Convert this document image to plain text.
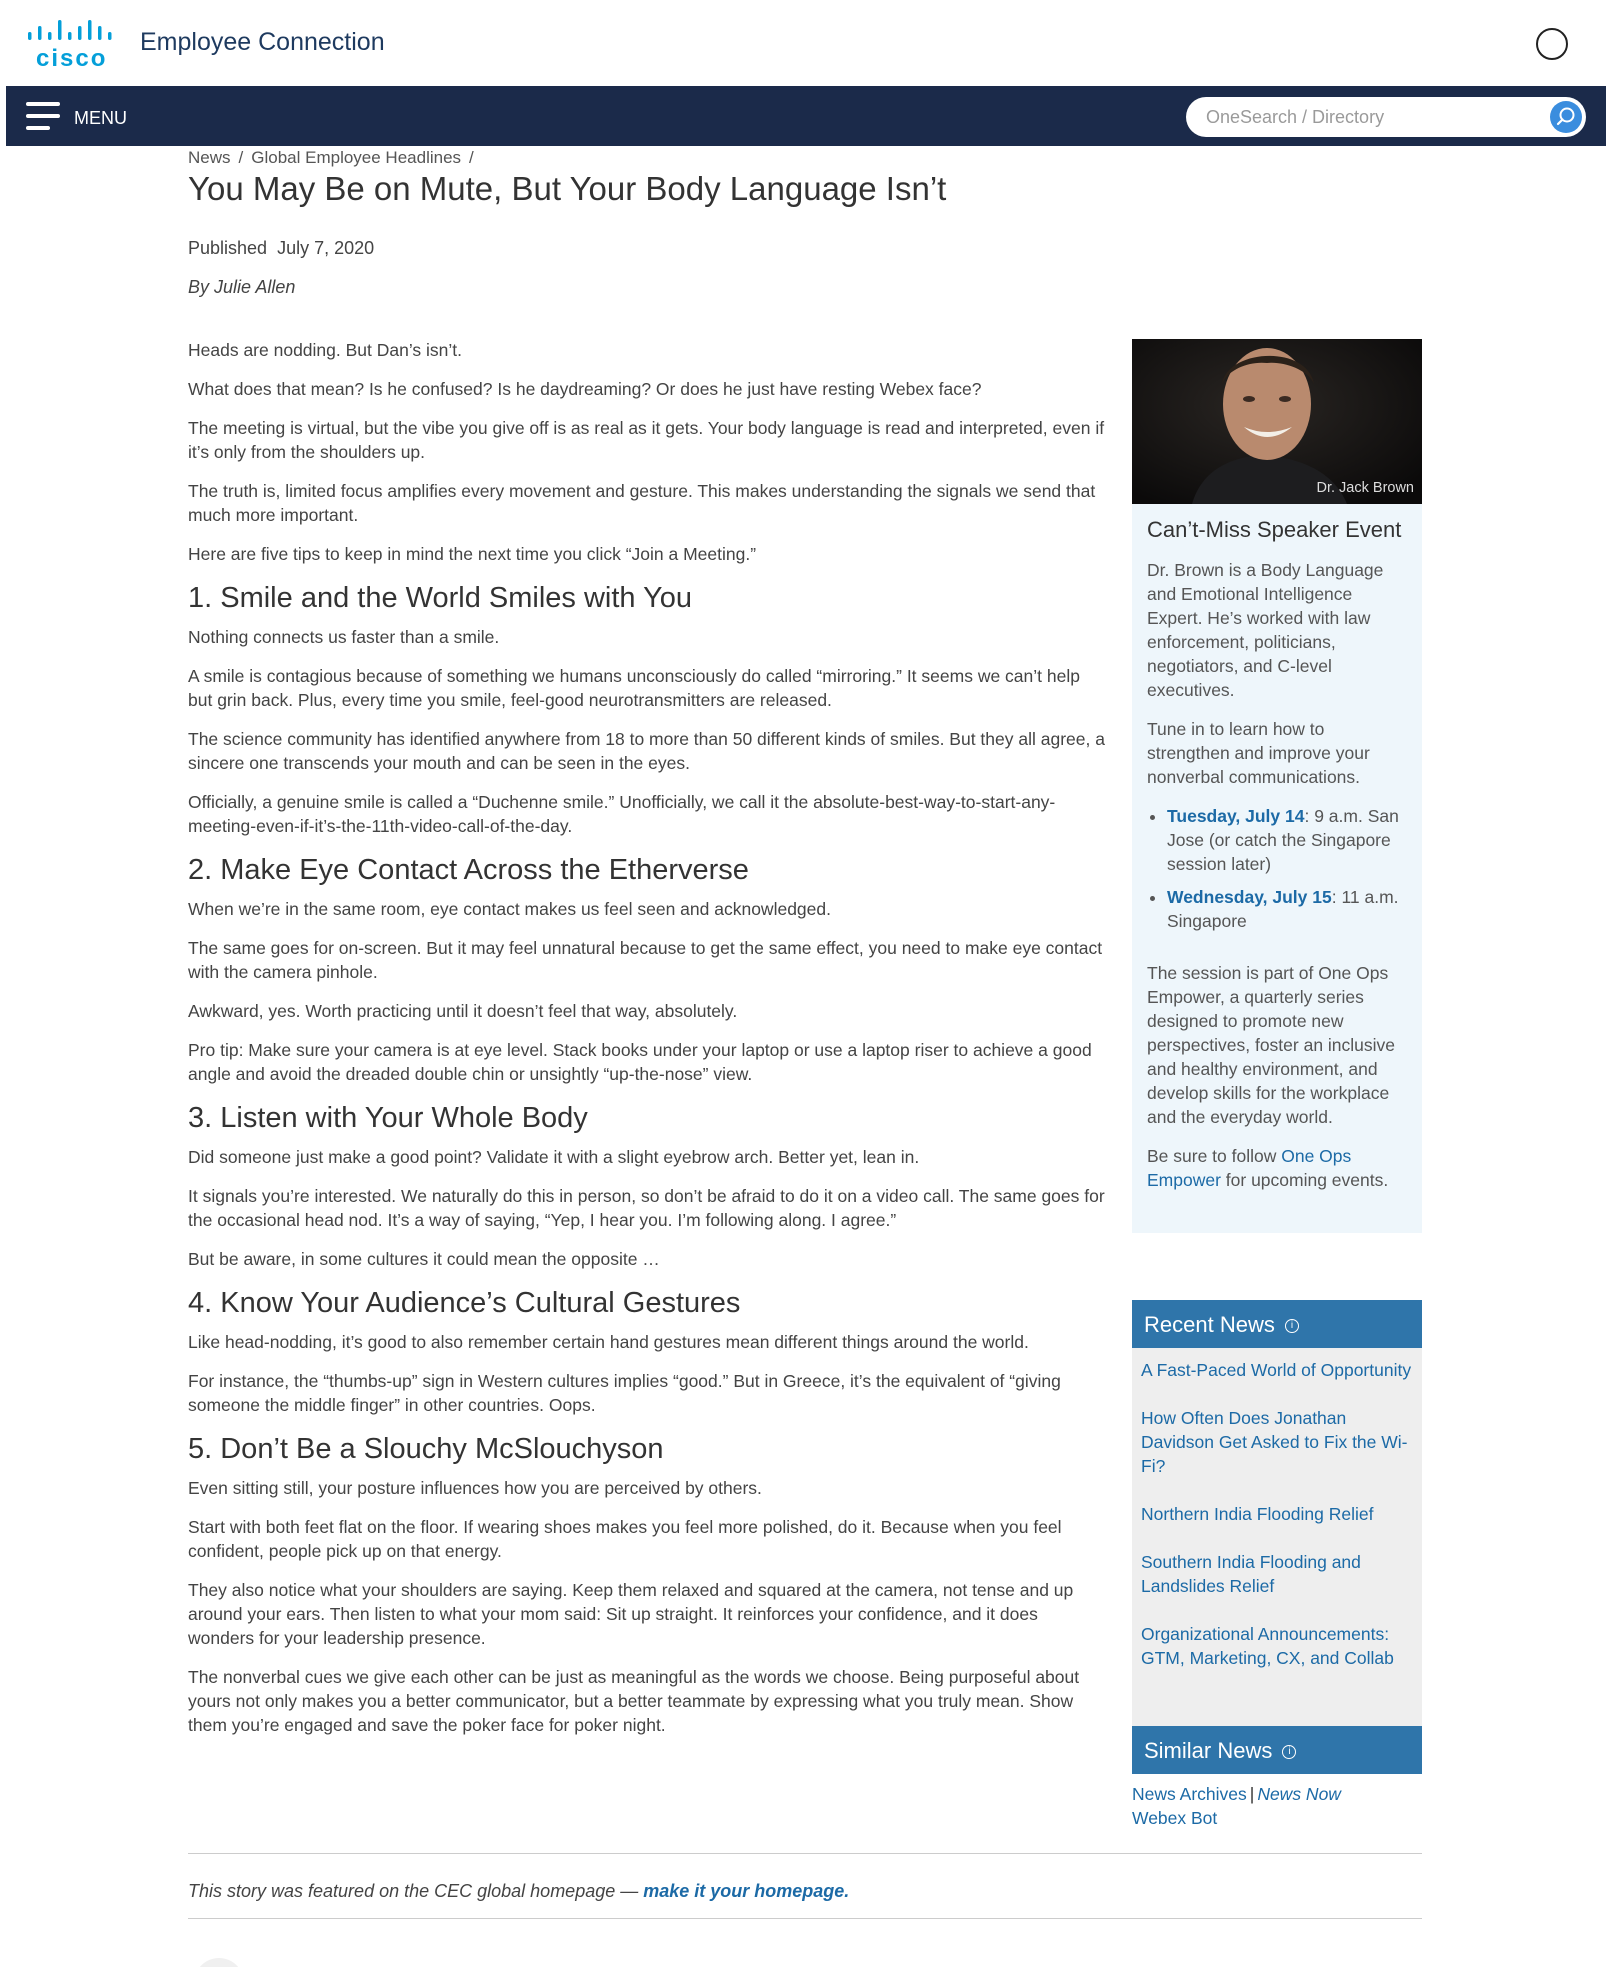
cisco
Employee Connection
MENU
OneSearch / Directory
News / Global Employee Headlines /
You May Be on Mute, But Your Body Language Isn’t
Published July 7, 2020
By Julie Allen

Heads are nodding. But Dan’s isn’t.

What does that mean? Is he confused? Is he daydreaming? Or does he just have resting Webex face?

The meeting is virtual, but the vibe you give off is as real as it gets. Your body language is read and interpreted, even if it’s only from the shoulders up.

The truth is, limited focus amplifies every movement and gesture. This makes understanding the signals we send that much more important.

Here are five tips to keep in mind the next time you click “Join a Meeting.”

1. Smile and the World Smiles with You

Nothing connects us faster than a smile.

A smile is contagious because of something we humans unconsciously do called “mirroring.” It seems we can’t help but grin back. Plus, every time you smile, feel-good neurotransmitters are released.

The science community has identified anywhere from 18 to more than 50 different kinds of smiles. But they all agree, a sincere one transcends your mouth and can be seen in the eyes.

Officially, a genuine smile is called a “Duchenne smile.” Unofficially, we call it the absolute-best-way-to-start-any-meeting-even-if-it’s-the-11th-video-call-of-the-day.

2. Make Eye Contact Across the Etherverse

When we’re in the same room, eye contact makes us feel seen and acknowledged.

The same goes for on-screen. But it may feel unnatural because to get the same effect, you need to make eye contact with the camera pinhole.

Awkward, yes. Worth practicing until it doesn’t feel that way, absolutely.

Pro tip: Make sure your camera is at eye level. Stack books under your laptop or use a laptop riser to achieve a good angle and avoid the dreaded double chin or unsightly “up-the-nose” view.

3. Listen with Your Whole Body

Did someone just make a good point? Validate it with a slight eyebrow arch. Better yet, lean in.

It signals you’re interested. We naturally do this in person, so don’t be afraid to do it on a video call. The same goes for the occasional head nod. It’s a way of saying, “Yep, I hear you. I’m following along. I agree.”

But be aware, in some cultures it could mean the opposite …

4. Know Your Audience’s Cultural Gestures

Like head-nodding, it’s good to also remember certain hand gestures mean different things around the world.

For instance, the “thumbs-up” sign in Western cultures implies “good.” But in Greece, it’s the equivalent of “giving someone the middle finger” in other countries. Oops.

5. Don’t Be a Slouchy McSlouchyson

Even sitting still, your posture influences how you are perceived by others.

Start with both feet flat on the floor. If wearing shoes makes you feel more polished, do it. Because when you feel confident, people pick up on that energy.

They also notice what your shoulders are saying. Keep them relaxed and squared at the camera, not tense and up around your ears. Then listen to what your mom said: Sit up straight. It reinforces your confidence, and it does wonders for your leadership presence.

The nonverbal cues we give each other can be just as meaningful as the words we choose. Being purposeful about yours not only makes you a better communicator, but a better teammate by expressing what you truly mean. Show them you’re engaged and save the poker face for poker night.

Dr. Jack Brown
Can’t-Miss Speaker Event

Dr. Brown is a Body Language and Emotional Intelligence Expert. He’s worked with law enforcement, politicians, negotiators, and C-level executives.

Tune in to learn how to strengthen and improve your nonverbal communications.

• Tuesday, July 14: 9 a.m. San Jose (or catch the Singapore session later)
• Wednesday, July 15: 11 a.m. Singapore

The session is part of One Ops Empower, a quarterly series designed to promote new perspectives, foster an inclusive and healthy environment, and develop skills for the workplace and the everyday world.

Be sure to follow One Ops Empower for upcoming events.

Recent News i
A Fast-Paced World of Opportunity
How Often Does Jonathan Davidson Get Asked to Fix the Wi-Fi?
Northern India Flooding Relief
Southern India Flooding and Landslides Relief
Organizational Announcements: GTM, Marketing, CX, and Collab
Similar News i
News Archives | News Now
Webex Bot
This story was featured on the CEC global homepage — make it your homepage.
